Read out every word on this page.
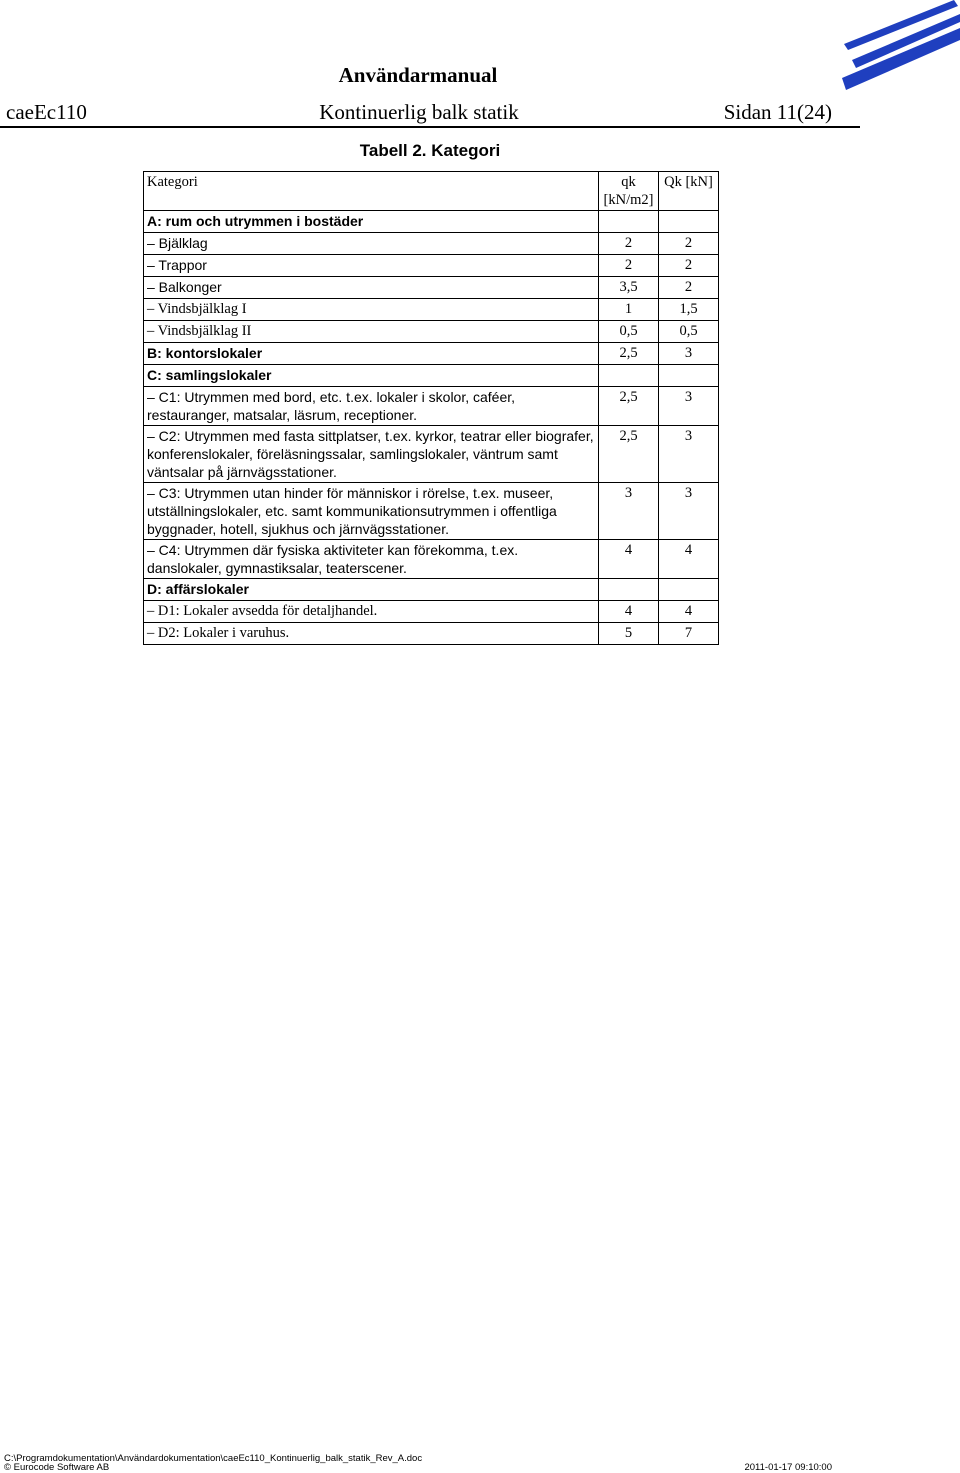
Användarmanual
caeEc110	Kontinuerlig balk statik	Sidan 11(24)
Tabell 2. Kategori
Kategori	qk [kN/m2]	Qk [kN]
A: rum och utrymmen i bostäder		
– Bjälklag	2	2
– Trappor	2	2
– Balkonger	3,5	2
– Vindsbjälklag I	1	1,5
– Vindsbjälklag II	0,5	0,5
B: kontorslokaler	2,5	3
C: samlingslokaler		
– C1: Utrymmen med bord, etc. t.ex. lokaler i skolor, caféer, restauranger, matsalar, läsrum, receptioner.	2,5	3
– C2: Utrymmen med fasta sittplatser, t.ex. kyrkor, teatrar eller biografer, konferenslokaler, föreläsningssalar, samlingslokaler, väntrum samt väntsalar på järnvägsstationer.	2,5	3
– C3: Utrymmen utan hinder för människor i rörelse, t.ex. museer, utställningslokaler, etc. samt kommunikationsutrymmen i offentliga byggnader, hotell, sjukhus och järnvägsstationer.	3	3
– C4: Utrymmen där fysiska aktiviteter kan förekomma, t.ex. danslokaler, gymnastiksalar, teaterscener.	4	4
D: affärslokaler		
– D1: Lokaler avsedda för detaljhandel.	4	4
– D2: Lokaler i varuhus.	5	7
C:\Programdokumentation\Användardokumentation\caeEc110_Kontinuerlig_balk_statik_Rev_A.doc
© Eurocode Software AB	2011-01-17 09:10:00
